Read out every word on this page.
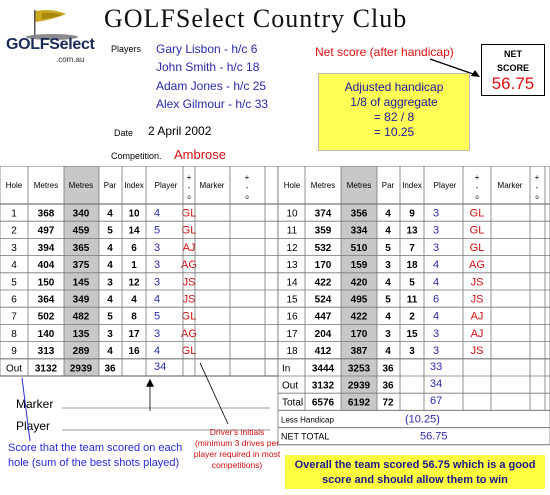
GOLFSelect
.com.au
GOLFSelect Country Club
Players Gary Lisbon - h/c 6
John Smith - h/c 18
Adam Jones - h/c 25
Alex Gilmour - h/c 33
Date 2 April 2002
Competition. Ambrose
Net score (after handicap)	NET
SCORE
56.75
Adjusted handicap
1/8 of aggregate
= 82 / 8
= 10.25
Hole Metres Metres Par Index Player
+
-
o
Marker
+
-
o
Hole Metres Metres Par Index Player
+
-
o
Marker
+
-
o
1 368 340 4 10 4 GL
2 497 459 5 14 5 GL
3 394 365 4 6 3 AJ
4 404 375 4 1 3 AG
5 150 145 3 12 3 JS
6 364 349 4 4 4 JS
7 502 482 5 8 5 GL
8 140 135 3 17 3 AG
9 313 289 4 16 4 GL
10 374 356 4 9 3	GL
11 359 334 4 13 3	GL
12 532 510 5 7 3	GL
13 170 159 3 18 4	AG
14 422 420 4 5 4	JS
15 524 495 5 11 6	JS
16 447 422 4 2 4	AJ
17 204 170 3 15 3	AJ
18 412 387 4 3 3	JS
Out 3132 2939 36	34	In 3444 3253 36	33
Out 3132 2939 36	34
Total 6576 6192 72	67
Less Handicap	(10.25)
NET TOTAL	56.75
Marker
Player
Score that the team scored on each hole (sum of the best shots played)
Driver's initials
(minimum 3 drives per player required in most competitions)	Overall the team scored 56.75 which is a good score and should allow them to win
